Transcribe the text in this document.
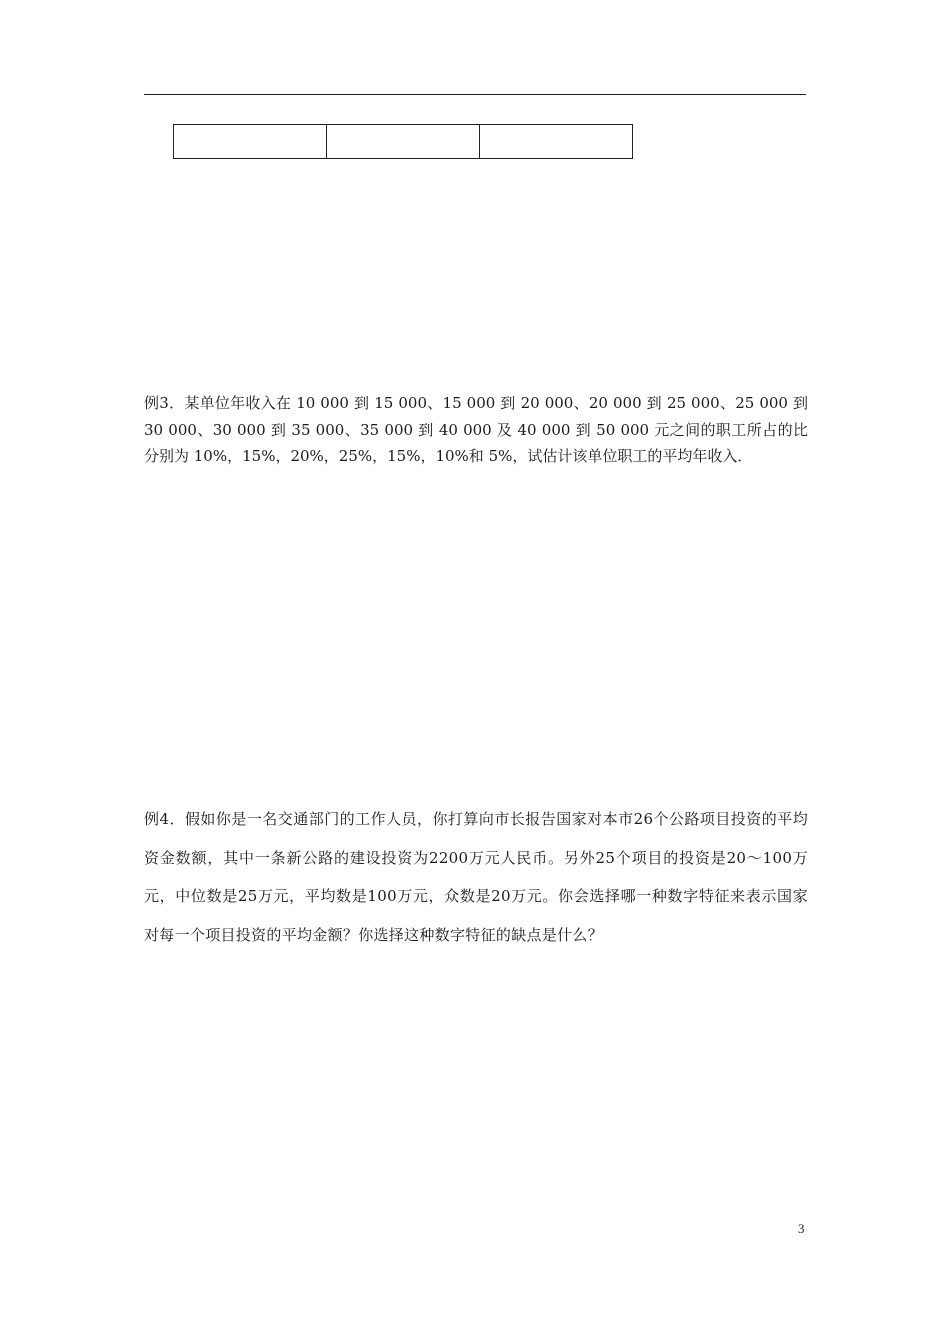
例3．某单位年收入在 10 000 到 15 000、15 000 到 20 000、20 000 到 25 000、25 000 到 30 000、30 000 到 35 000、35 000 到 40 000 及 40 000 到 50 000 元之间的职工所占的比分别为 10%，15%，20%，25%，15%，10%和 5%，试估计该单位职工的平均年收入．

例4．假如你是一名交通部门的工作人员，你打算向市长报告国家对本市26个公路项目投资的平均资金数额，其中一条新公路的建设投资为2200万元人民币。另外25个项目的投资是20～100万元，中位数是25万元，平均数是100万元，众数是20万元。你会选择哪一种数字特征来表示国家对每一个项目投资的平均金额？你选择这种数字特征的缺点是什么？

3
